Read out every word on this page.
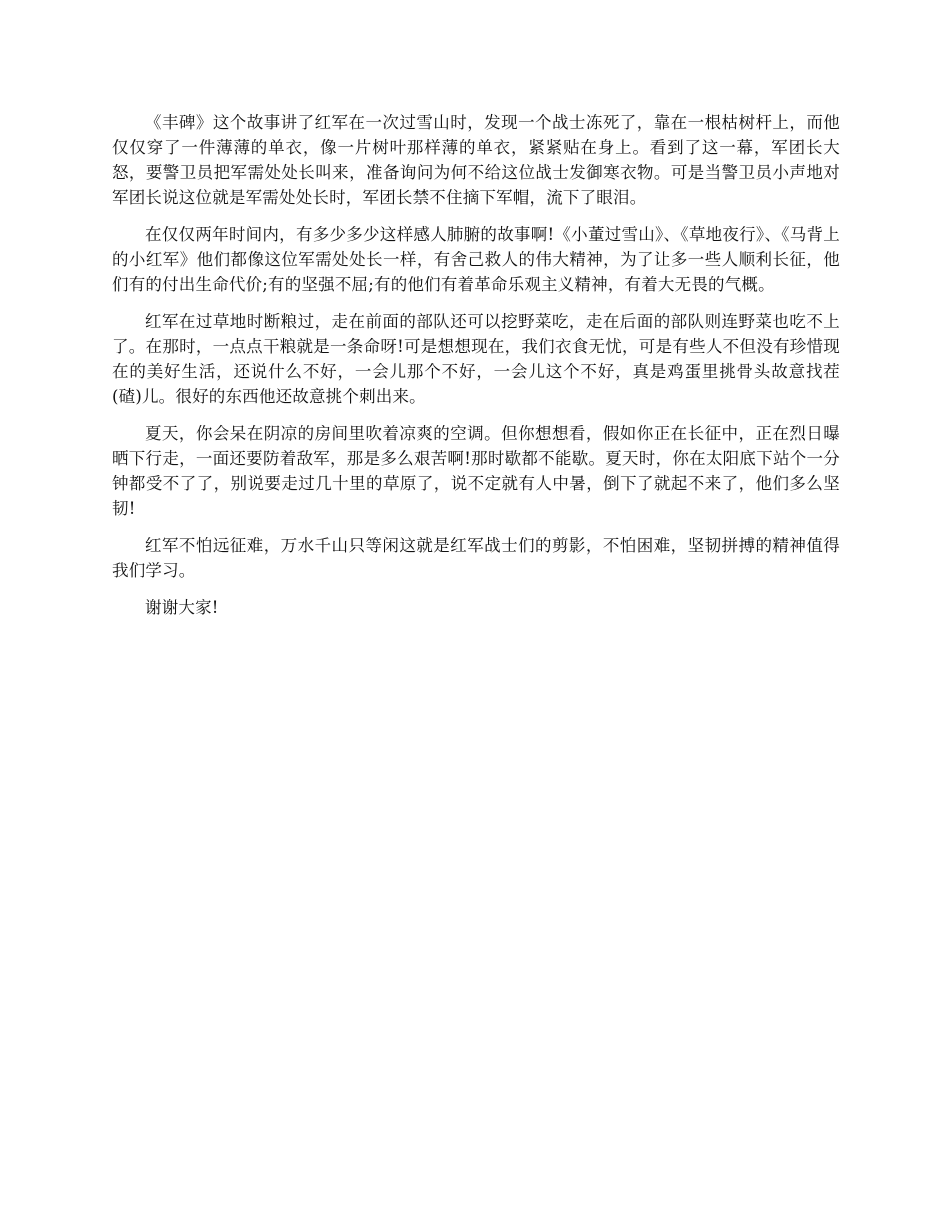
《丰碑》这个故事讲了红军在一次过雪山时，发现一个战士冻死了，靠在一根枯树杆上，而他仅仅穿了一件薄薄的单衣，像一片树叶那样薄的单衣，紧紧贴在身上。看到了这一幕，军团长大怒，要警卫员把军需处处长叫来，准备询问为何不给这位战士发御寒衣物。可是当警卫员小声地对军团长说这位就是军需处处长时，军团长禁不住摘下军帽，流下了眼泪。

在仅仅两年时间内，有多少多少这样感人肺腑的故事啊!《小董过雪山》、《草地夜行》、《马背上的小红军》他们都像这位军需处处长一样，有舍己救人的伟大精神，为了让多一些人顺利长征，他们有的付出生命代价;有的坚强不屈;有的他们有着革命乐观主义精神，有着大无畏的气概。

红军在过草地时断粮过，走在前面的部队还可以挖野菜吃，走在后面的部队则连野菜也吃不上了。在那时，一点点干粮就是一条命呀!可是想想现在，我们衣食无忧，可是有些人不但没有珍惜现在的美好生活，还说什么不好，一会儿那个不好，一会儿这个不好，真是鸡蛋里挑骨头故意找茬(碴)儿。很好的东西他还故意挑个刺出来。

夏天，你会呆在阴凉的房间里吹着凉爽的空调。但你想想看，假如你正在长征中，正在烈日曝晒下行走，一面还要防着敌军，那是多么艰苦啊!那时歇都不能歇。夏天时，你在太阳底下站个一分钟都受不了了，别说要走过几十里的草原了，说不定就有人中暑，倒下了就起不来了，他们多么坚韧!

红军不怕远征难，万水千山只等闲这就是红军战士们的剪影，不怕困难，坚韧拼搏的精神值得我们学习。

谢谢大家!
